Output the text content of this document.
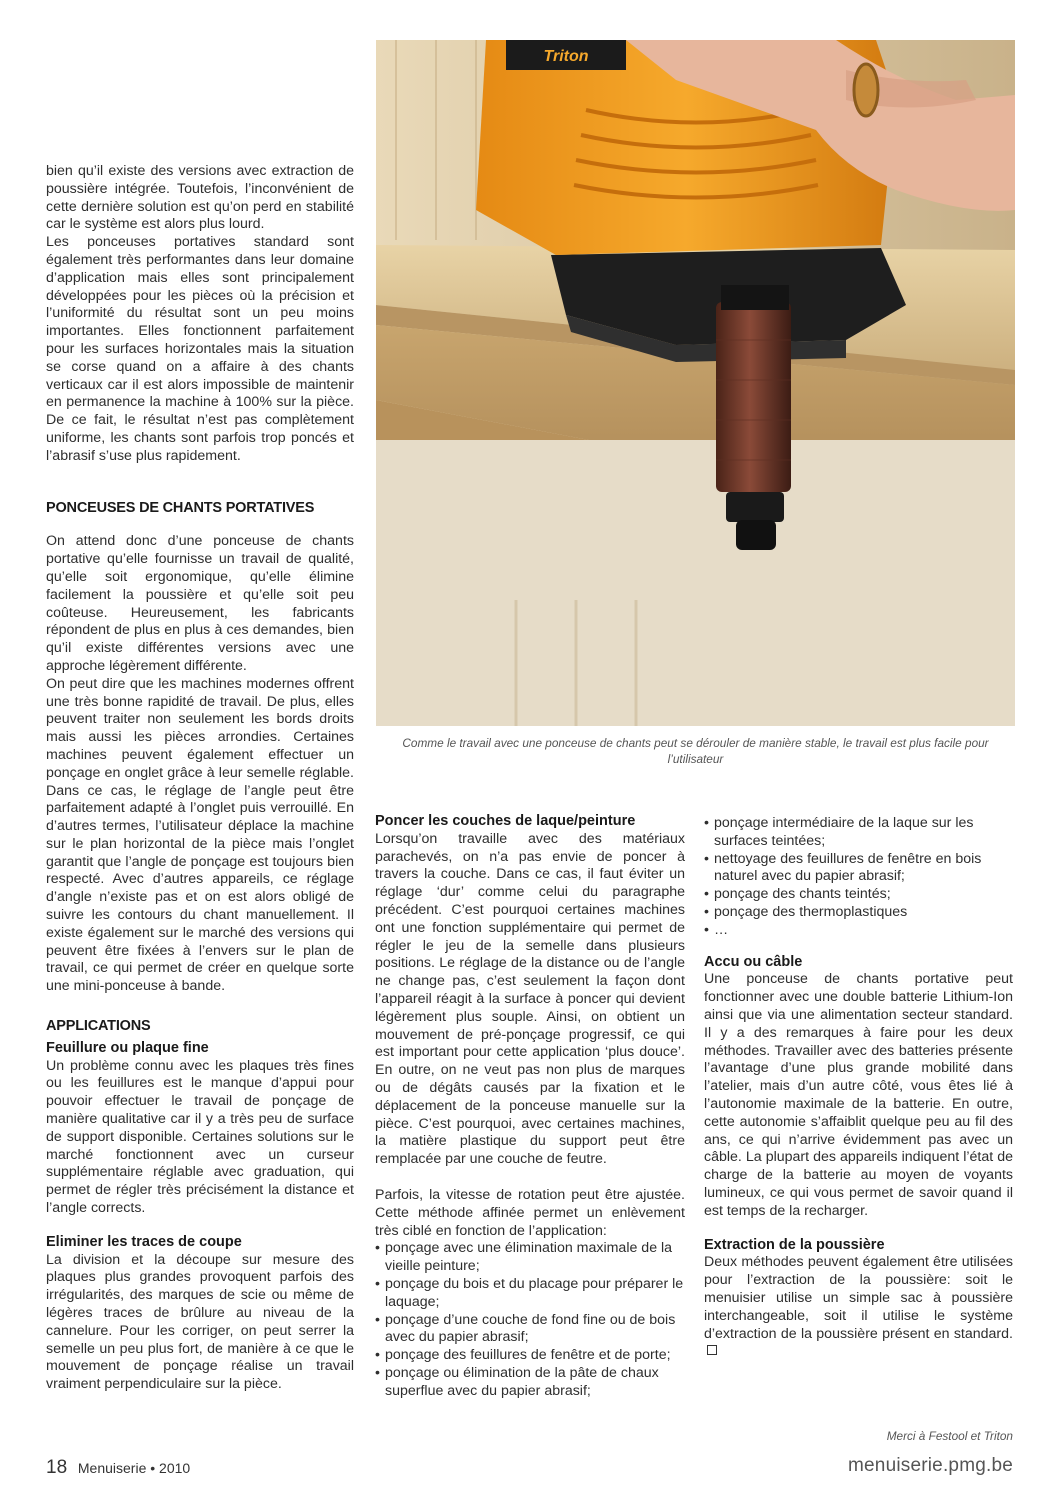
bien qu’il existe des versions avec extraction de poussière intégrée. Toutefois, l’inconvénient de cette dernière solution est qu’on perd en stabilité car le système est alors plus lourd.

Les ponceuses portatives standard sont également très performantes dans leur domaine d’application mais elles sont principalement développées pour les pièces où la précision et l’uniformité du résultat sont un peu moins importantes. Elles fonctionnent parfaitement pour les surfaces horizontales mais la situation se corse quand on a affaire à des chants verticaux car il est alors impossible de maintenir en permanence la machine à 100% sur la pièce. De ce fait, le résultat n’est pas complètement uniforme, les chants sont parfois trop poncés et l’abrasif s’use plus rapidement.

PONCEUSES DE CHANTS PORTATIVES

On attend donc d’une ponceuse de chants portative qu’elle fournisse un travail de qualité, qu’elle soit ergonomique, qu’elle élimine facilement la poussière et qu’elle soit peu coûteuse. Heureusement, les fabricants répondent de plus en plus à ces demandes, bien qu’il existe différentes versions avec une approche légèrement différente.

On peut dire que les machines modernes offrent une très bonne rapidité de travail. De plus, elles peuvent traiter non seulement les bords droits mais aussi les pièces arrondies. Certaines machines peuvent également effectuer un ponçage en onglet grâce à leur semelle réglable. Dans ce cas, le réglage de l’angle peut être parfaitement adapté à l’onglet puis verrouillé. En d’autres termes, l’utilisateur déplace la machine sur le plan horizontal de la pièce mais l’onglet garantit que l’angle de ponçage est toujours bien respecté. Avec d’autres appareils, ce réglage d’angle n’existe pas et on est alors obligé de suivre les contours du chant manuellement. Il existe également sur le marché des versions qui peuvent être fixées à l’envers sur le plan de travail, ce qui permet de créer en quelque sorte une mini-ponceuse à bande.

APPLICATIONS
Feuillure ou plaque fine

Un problème connu avec les plaques très fines ou les feuillures est le manque d’appui pour pouvoir effectuer le travail de ponçage de manière qualitative car il y a très peu de surface de support disponible. Certaines solutions sur le marché fonctionnent avec un curseur supplémentaire réglable avec graduation, qui permet de régler très précisément la distance et l’angle corrects.

Eliminer les traces de coupe

La division et la découpe sur mesure des plaques plus grandes provoquent parfois des irrégularités, des marques de scie ou même de légères traces de brûlure au niveau de la cannelure. Pour les corriger, on peut serrer la semelle un peu plus fort, de manière à ce que le mouvement de ponçage réalise un travail vraiment perpendiculaire sur la pièce.

Triton
Comme le travail avec une ponceuse de chants peut se dérouler de manière stable, le travail est plus facile pour l’utilisateur
Poncer les couches de laque/peinture

Lorsqu’on travaille avec des matériaux parachevés, on n’a pas envie de poncer à travers la couche. Dans ce cas, il faut éviter un réglage ‘dur’ comme celui du paragraphe précédent. C’est pourquoi certaines machines ont une fonction supplémentaire qui permet de régler le jeu de la semelle dans plusieurs positions. Le réglage de la distance ou de l’angle ne change pas, c’est seulement la façon dont l’appareil réagit à la surface à poncer qui devient légèrement plus souple. Ainsi, on obtient un mouvement de pré-ponçage progressif, ce qui est important pour cette application ‘plus douce’. En outre, on ne veut pas non plus de marques ou de dégâts causés par la fixation et le déplacement de la ponceuse manuelle sur la pièce. C’est pourquoi, avec certaines machines, la matière plastique du support peut être remplacée par une couche de feutre.

Parfois, la vitesse de rotation peut être ajustée. Cette méthode affinée permet un enlèvement très ciblé en fonction de l’application:

• ponçage avec une élimination maximale de la vieille peinture;
• ponçage du bois et du placage pour préparer le laquage;
• ponçage d’une couche de fond fine ou de bois avec du papier abrasif;
• ponçage des feuillures de fenêtre et de porte;
• ponçage ou élimination de la pâte de chaux superflue avec du papier abrasif;
• ponçage intermédiaire de la laque sur les surfaces teintées;
• nettoyage des feuillures de fenêtre en bois naturel avec du papier abrasif;
• ponçage des chants teintés;
• ponçage des thermoplastiques
• …
Accu ou câble

Une ponceuse de chants portative peut fonctionner avec une double batterie Lithium-Ion ainsi que via une alimentation secteur standard. Il y a des remarques à faire pour les deux méthodes. Travailler avec des batteries présente l’avantage d’une plus grande mobilité dans l’atelier, mais d’un autre côté, vous êtes lié à l’autonomie maximale de la batterie. En outre, cette autonomie s’affaiblit quelque peu au fil des ans, ce qui n’arrive évidemment pas avec un câble. La plupart des appareils indiquent l’état de charge de la batterie au moyen de voyants lumineux, ce qui vous permet de savoir quand il est temps de la recharger.

Extraction de la poussière

Deux méthodes peuvent également être utilisées pour l’extraction de la poussière: soit le menuisier utilise un simple sac à poussière interchangeable, soit il utilise le système d’extraction de la poussière présent en standard.

Merci à Festool et Triton
18 Menuiserie • 2010	menuiserie.pmg.be
